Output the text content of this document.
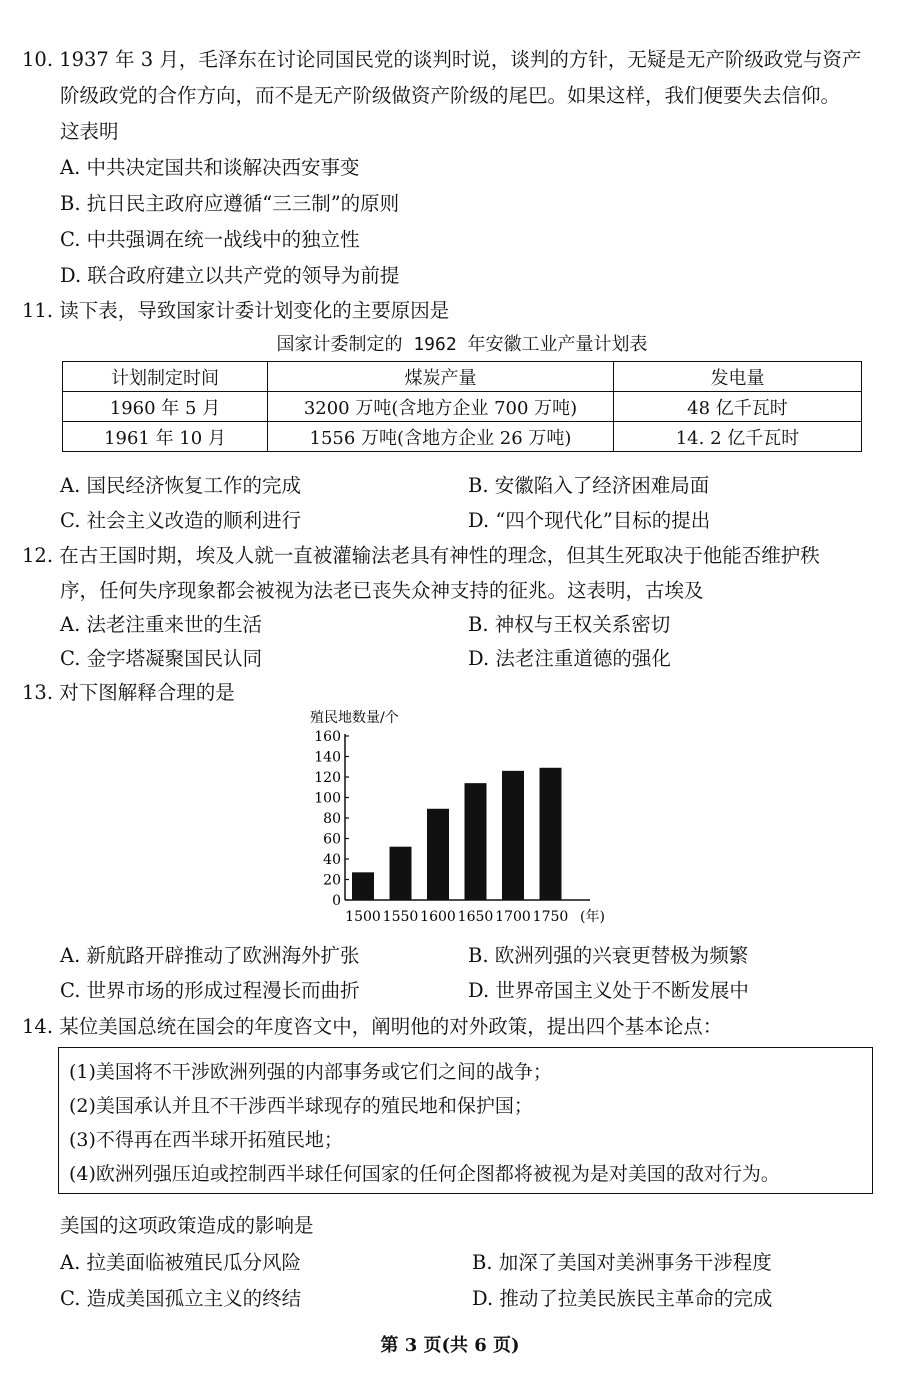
10. 1937 年 3 月，毛泽东在讨论同国民党的谈判时说，谈判的方针，无疑是无产阶级政党与资产
阶级政党的合作方向，而不是无产阶级做资产阶级的尾巴。如果这样，我们便要失去信仰。
这表明
A. 中共决定国共和谈解决西安事变
B. 抗日民主政府应遵循“三三制”的原则
C. 中共强调在统一战线中的独立性
D. 联合政府建立以共产党的领导为前提
11. 读下表，导致国家计委计划变化的主要原因是
国家计委制定的 1962 年安徽工业产量计划表
计划制定时间	煤炭产量	发电量
1960 年 5 月	3200 万吨(含地方企业 700 万吨)	48 亿千瓦时
1961 年 10 月	1556 万吨(含地方企业 26 万吨)	14. 2 亿千瓦时
A. 国民经济恢复工作的完成	B. 安徽陷入了经济困难局面
C. 社会主义改造的顺利进行	D. “四个现代化”目标的提出
12. 在古王国时期，埃及人就一直被灌输法老具有神性的理念，但其生死取决于他能否维护秩
序，任何失序现象都会被视为法老已丧失众神支持的征兆。这表明，古埃及
A. 法老注重来世的生活	B. 神权与王权关系密切
C. 金字塔凝聚国民认同	D. 法老注重道德的强化
13. 对下图解释合理的是
殖民地数量/个
0
20
40
60
80
100
120
140
160
1500 1550 1600 1650 1700 1750 (年)
A. 新航路开辟推动了欧洲海外扩张	B. 欧洲列强的兴衰更替极为频繁
C. 世界市场的形成过程漫长而曲折	D. 世界帝国主义处于不断发展中
14. 某位美国总统在国会的年度咨文中，阐明他的对外政策，提出四个基本论点：
(1)美国将不干涉欧洲列强的内部事务或它们之间的战争；
(2)美国承认并且不干涉西半球现存的殖民地和保护国；
(3)不得再在西半球开拓殖民地；
(4)欧洲列强压迫或控制西半球任何国家的任何企图都将被视为是对美国的敌对行为。
美国的这项政策造成的影响是
A. 拉美面临被殖民瓜分风险	B. 加深了美国对美洲事务干涉程度
C. 造成美国孤立主义的终结	D. 推动了拉美民族民主革命的完成
第 3 页(共 6 页)
